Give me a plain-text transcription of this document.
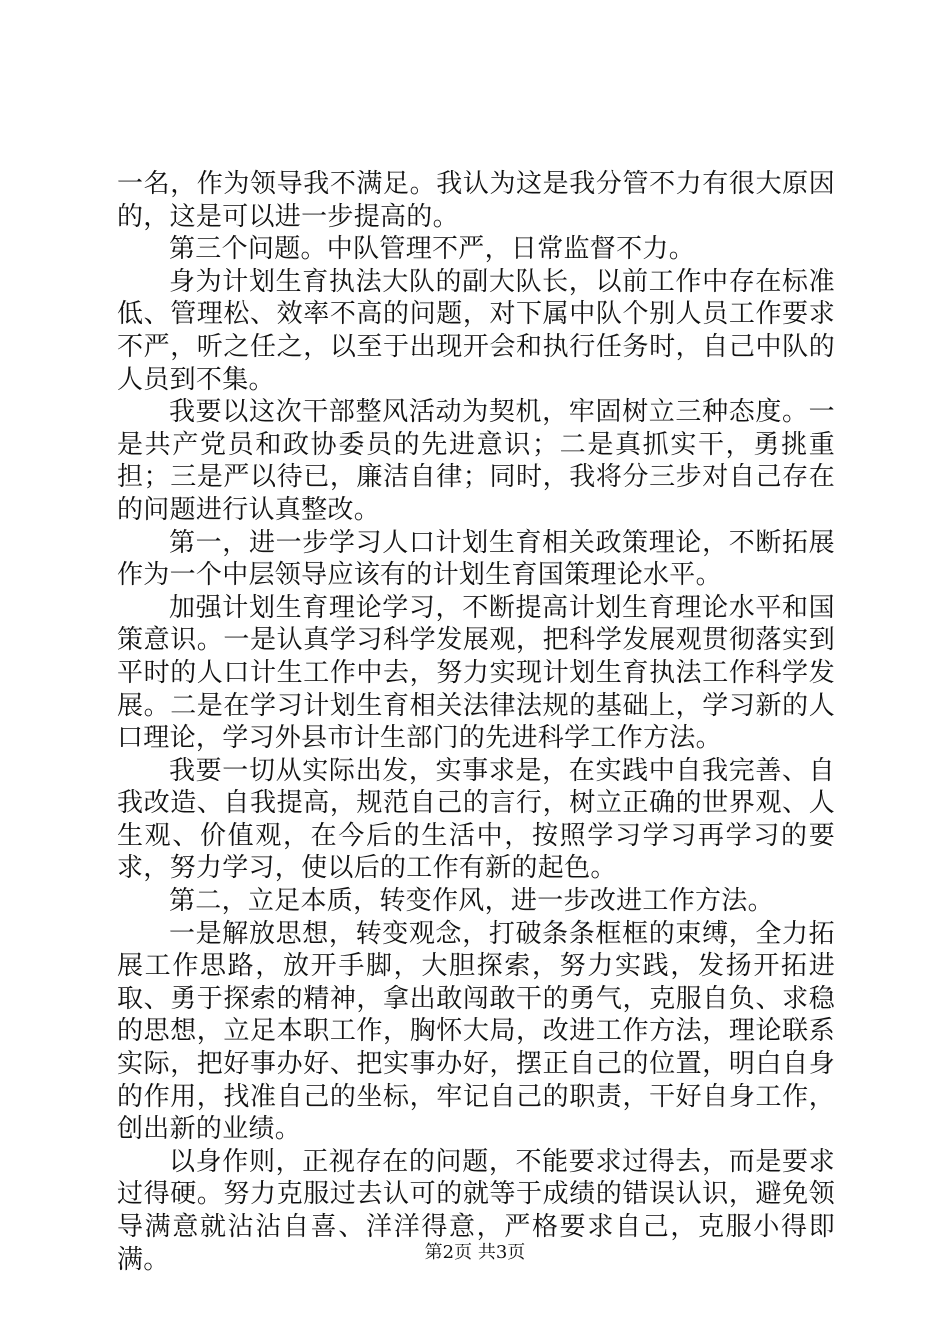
一名，作为领导我不满足。我认为这是我分管不力有很大原因的，这是可以进一步提高的。

第三个问题。中队管理不严，日常监督不力。

身为计划生育执法大队的副大队长，以前工作中存在标准低、管理松、效率不高的问题，对下属中队个别人员工作要求不严，听之任之，以至于出现开会和执行任务时，自己中队的人员到不集。

我要以这次干部整风活动为契机，牢固树立三种态度。一是共产党员和政协委员的先进意识；二是真抓实干，勇挑重担；三是严以待已，廉洁自律；同时，我将分三步对自己存在的问题进行认真整改。

第一，进一步学习人口计划生育相关政策理论，不断拓展作为一个中层领导应该有的计划生育国策理论水平。

加强计划生育理论学习，不断提高计划生育理论水平和国策意识。一是认真学习科学发展观，把科学发展观贯彻落实到平时的人口计生工作中去，努力实现计划生育执法工作科学发展。二是在学习计划生育相关法律法规的基础上，学习新的人口理论，学习外县市计生部门的先进科学工作方法。

我要一切从实际出发，实事求是，在实践中自我完善、自我改造、自我提高，规范自己的言行，树立正确的世界观、人生观、价值观，在今后的生活中，按照学习学习再学习的要求，努力学习，使以后的工作有新的起色。

第二，立足本质，转变作风，进一步改进工作方法。

一是解放思想，转变观念，打破条条框框的束缚，全力拓展工作思路，放开手脚，大胆探索，努力实践，发扬开拓进取、勇于探索的精神，拿出敢闯敢干的勇气，克服自负、求稳的思想，立足本职工作，胸怀大局，改进工作方法，理论联系实际，把好事办好、把实事办好，摆正自己的位置，明白自身的作用，找准自己的坐标，牢记自己的职责，干好自身工作，创出新的业绩。

以身作则，正视存在的问题，不能要求过得去，而是要求过得硬。努力克服过去认可的就等于成绩的错误认识，避免领导满意就沾沾自喜、洋洋得意，严格要求自己，克服小得即满。	第2页 共3页
